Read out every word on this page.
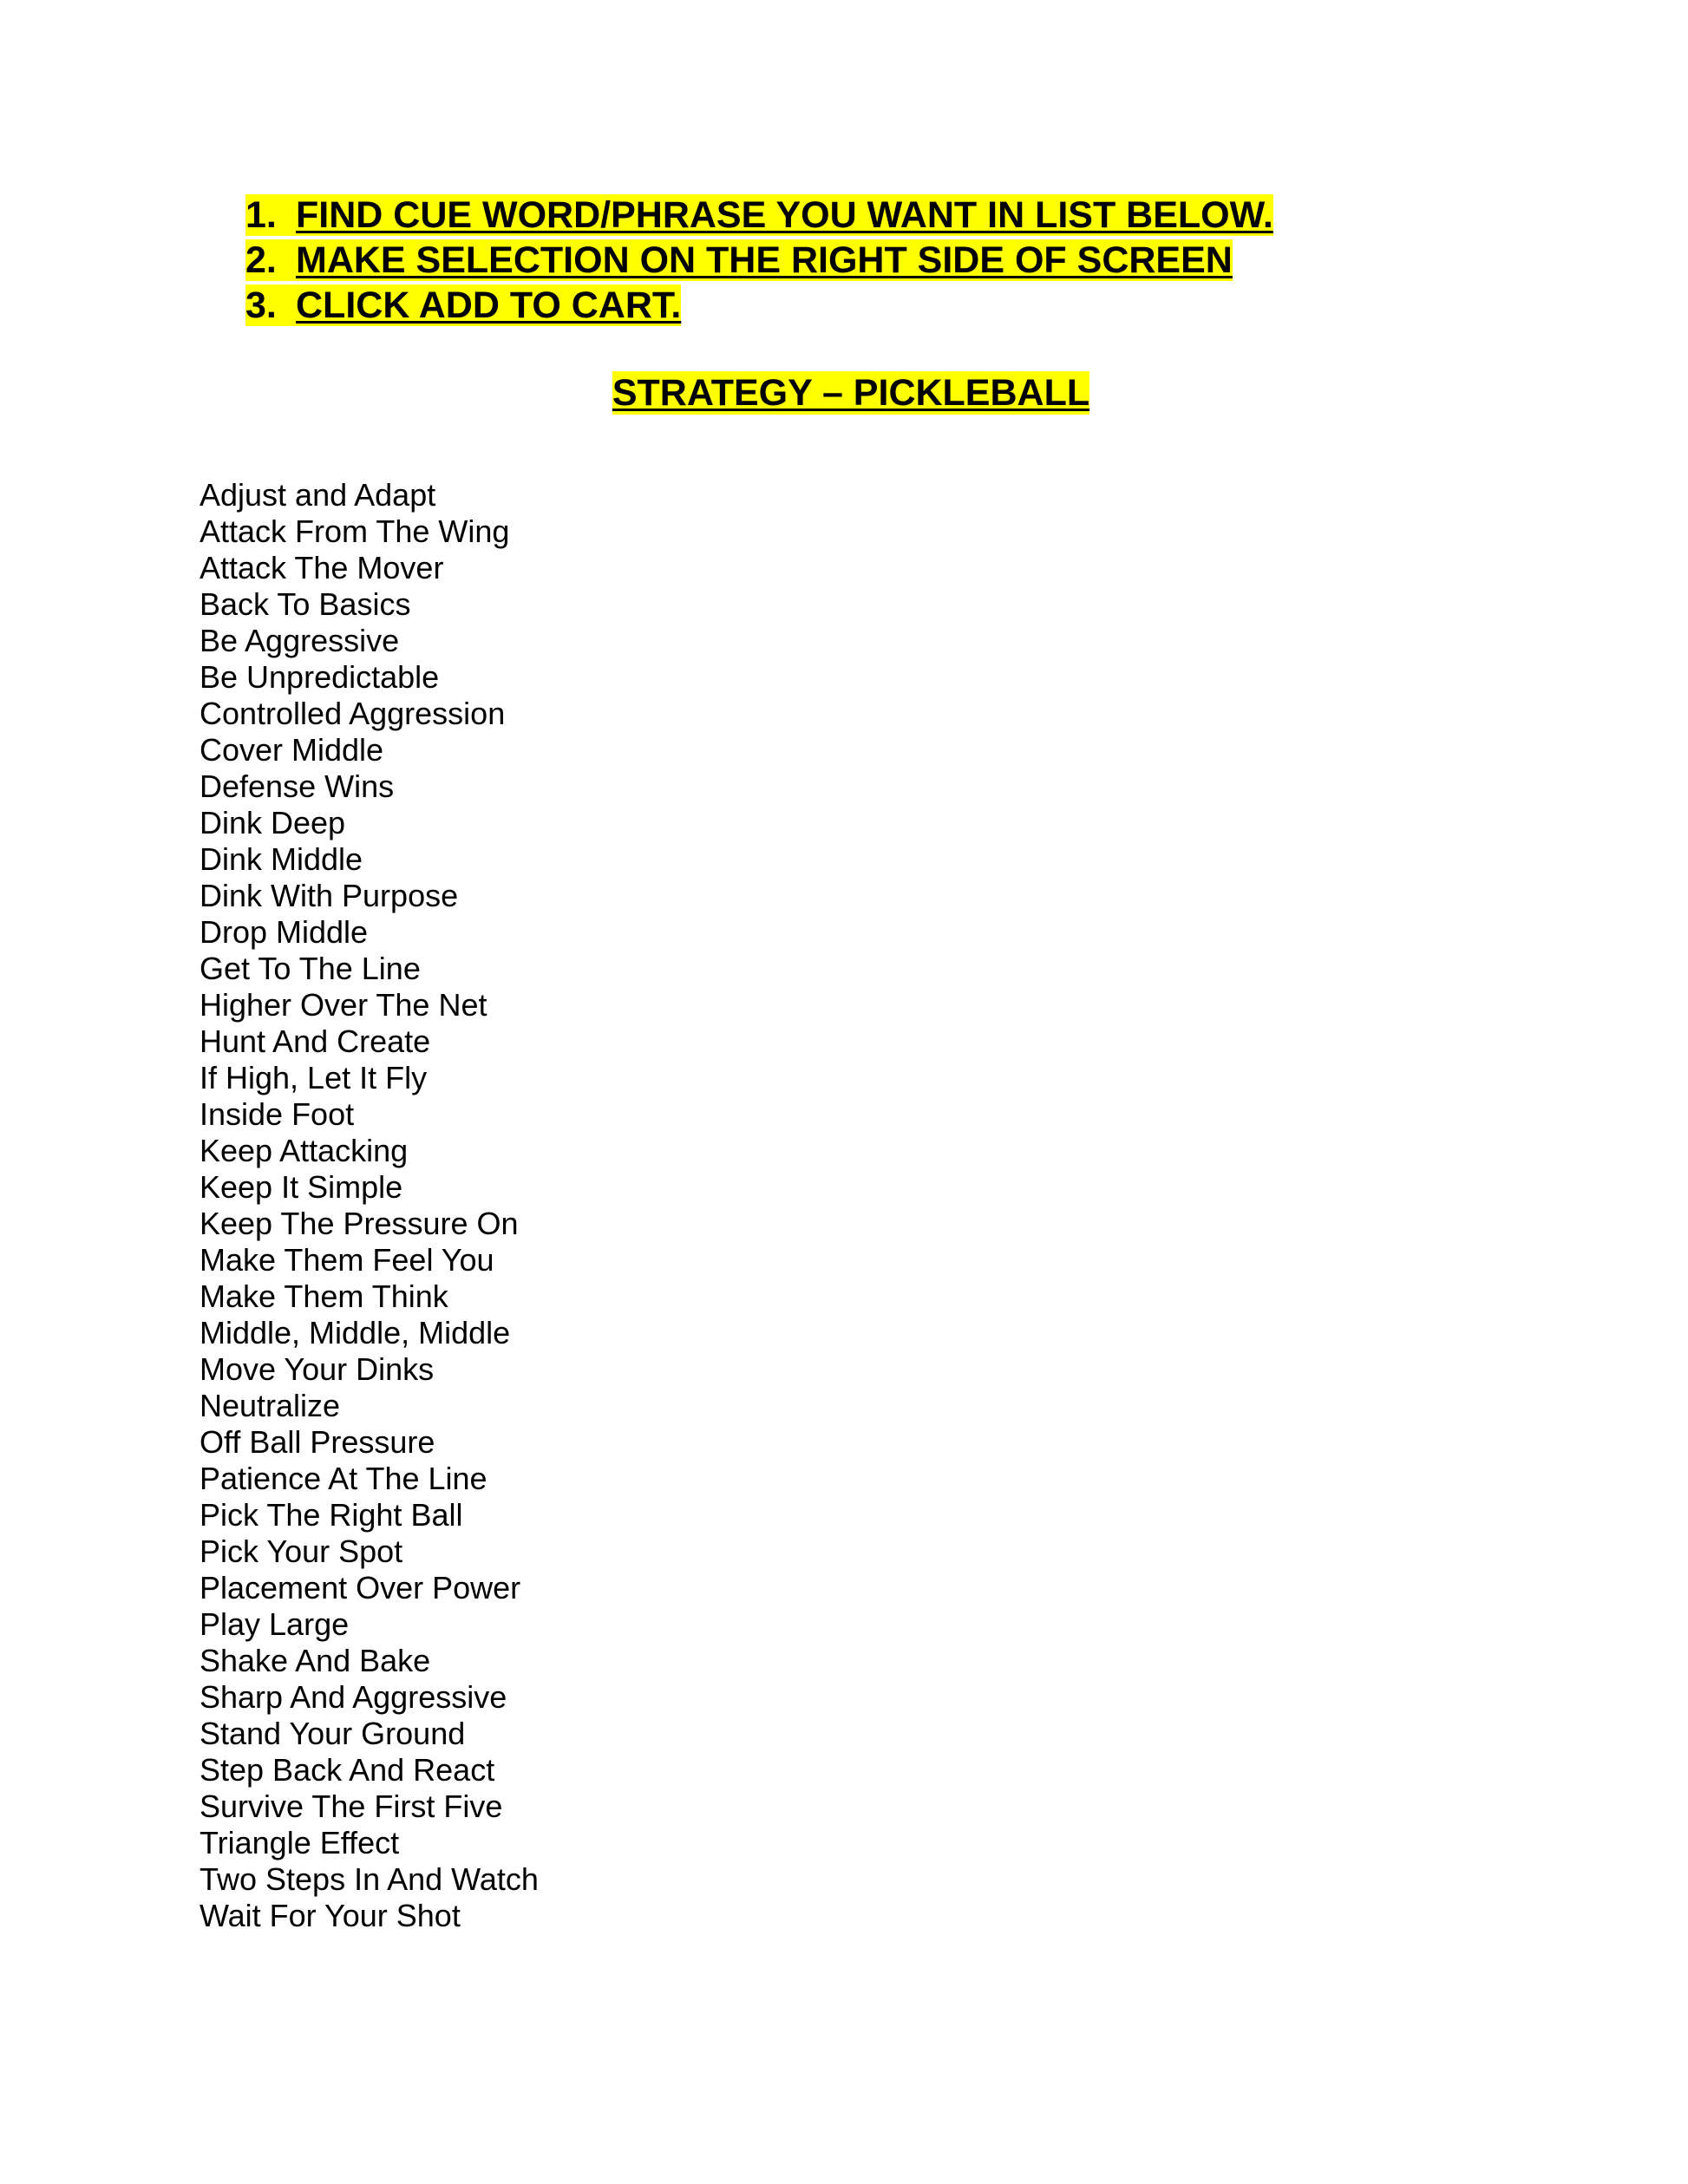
1. FIND CUE WORD/PHRASE YOU WANT IN LIST BELOW.
2. MAKE SELECTION ON THE RIGHT SIDE OF SCREEN
3. CLICK ADD TO CART.
STRATEGY – PICKLEBALL
Adjust and Adapt
Attack From The Wing
Attack The Mover
Back To Basics
Be Aggressive
Be Unpredictable
Controlled Aggression
Cover Middle
Defense Wins
Dink Deep
Dink Middle
Dink With Purpose
Drop Middle
Get To The Line
Higher Over The Net
Hunt And Create
If High, Let It Fly
Inside Foot
Keep Attacking
Keep It Simple
Keep The Pressure On
Make Them Feel You
Make Them Think
Middle, Middle, Middle
Move Your Dinks
Neutralize
Off Ball Pressure
Patience At The Line
Pick The Right Ball
Pick Your Spot
Placement Over Power
Play Large
Shake And Bake
Sharp And Aggressive
Stand Your Ground
Step Back And React
Survive The First Five
Triangle Effect
Two Steps In And Watch
Wait For Your Shot
